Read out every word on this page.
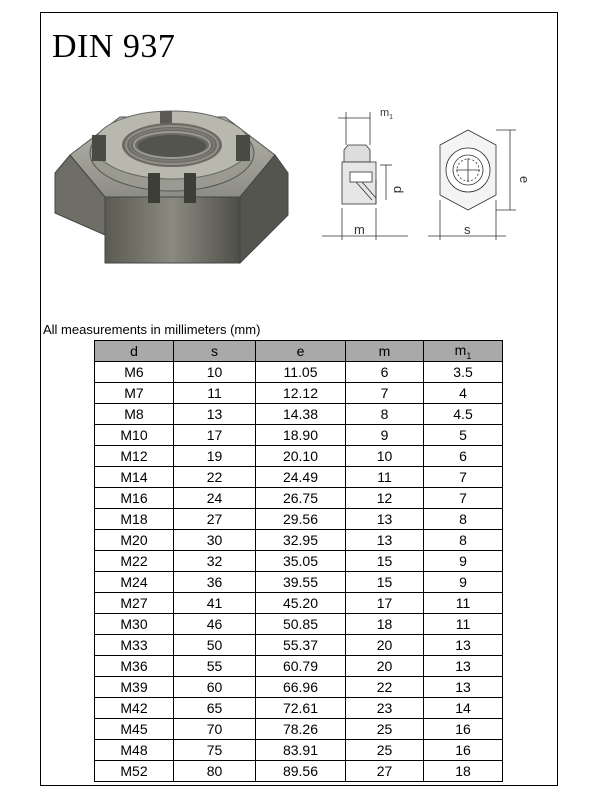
DIN 937
$m_1$
d
m	s
e
All measurements in millimeters (mm)
d	s	e	m	$m_1$
M6	10	11.05	6	3.5
M7	11	12.12	7	4
M8	13	14.38	8	4.5
M10	17	18.90	9	5
M12	19	20.10	10	6
M14	22	24.49	11	7
M16	24	26.75	12	7
M18	27	29.56	13	8
M20	30	32.95	13	8
M22	32	35.05	15	9
M24	36	39.55	15	9
M27	41	45.20	17	11
M30	46	50.85	18	11
M33	50	55.37	20	13
M36	55	60.79	20	13
M39	60	66.96	22	13
M42	65	72.61	23	14
M45	70	78.26	25	16
M48	75	83.91	25	16
M52	80	89.56	27	18
